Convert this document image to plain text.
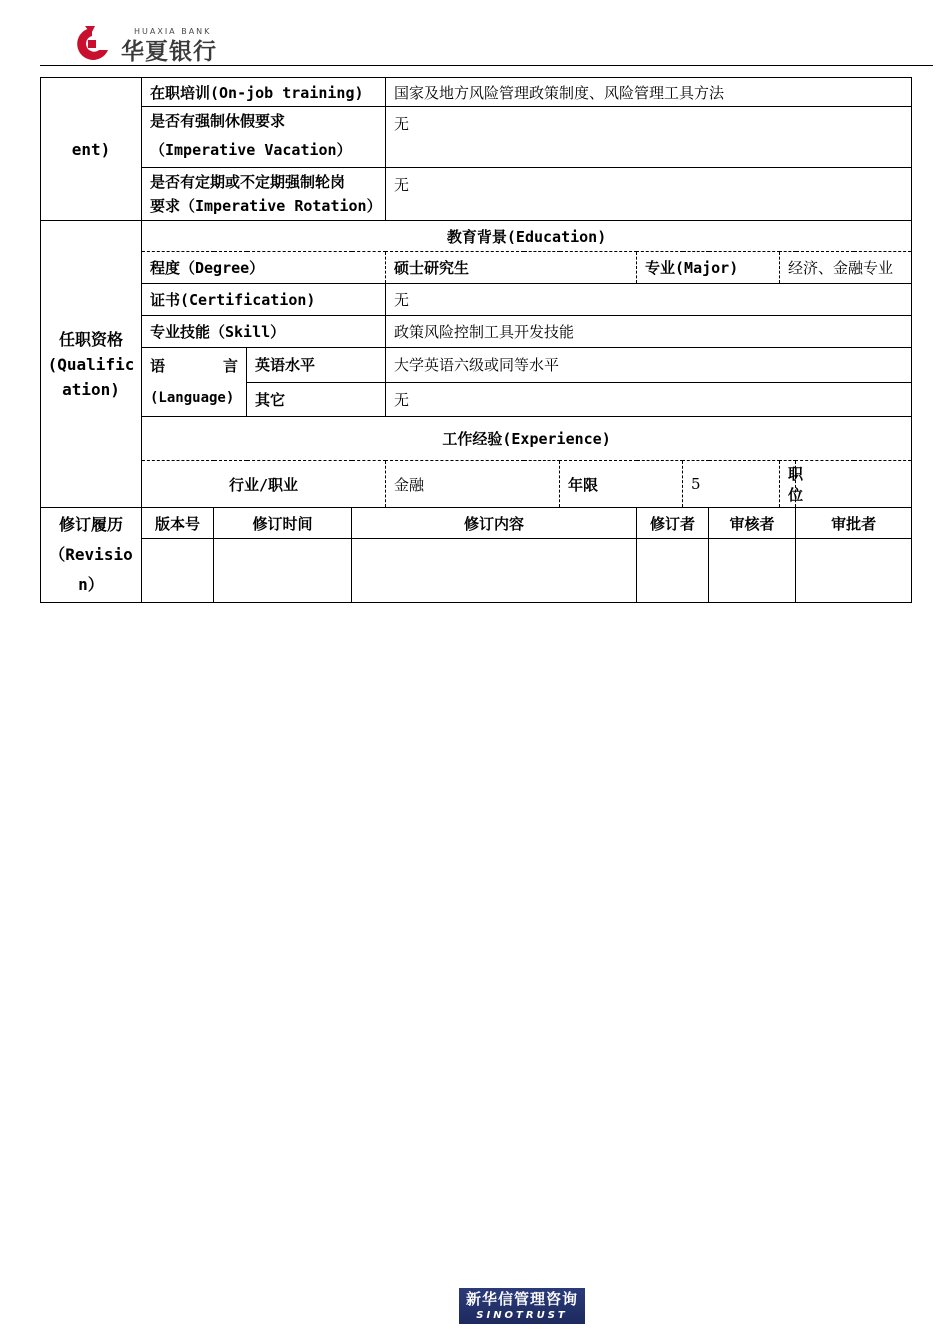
HUAXIA BANK
华夏银行
ent)	在职培训(On-job training)				国家及地方风险管理政策制度、风险管理工具方法						

	是否有强制休假要求
（Imperative Vacation）				无						

	是否有定期或不定期强制轮岗
要求（Imperative Rotation）				无						

任职资格
(Qualification)	教育背景(Education)										
	程度（Degree）				硕士研究生		专业(Major)			经济、金融专业	
	证书(Certification)				无						
	专业技能（Skill）				政策风险控制工具开发技能						

	语 言
(Language)		英语水平		大学英语六级或同等水平						
			其它		无						
	工作经验(Experience)										
	行业/职业				金融	年限		5		职位	

修订履历
（Revision）	版本号	修订时间		修订内容			修订者		审核者		审批者

新华信管理咨询
SINOTRUST
